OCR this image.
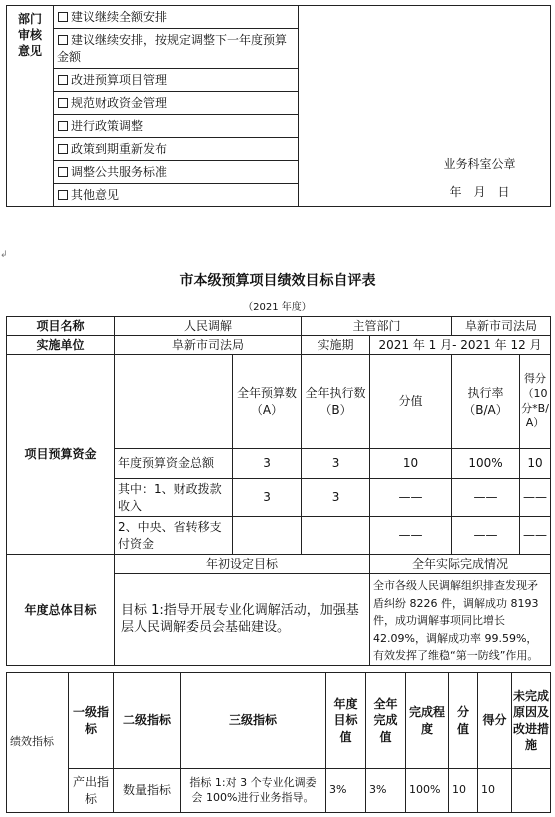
部门审核意见	建议继续全额安排	
业务科室公章
年　月　日

建议继续安排，按规定调整下一年度预算金额
改进预算项目管理
规范财政资金管理
进行政策调整
政策到期重新发布
调整公共服务标准
其他意见
↲
市本级预算项目绩效目标自评表
（2021 年度）
项目名称	人民调解		主管部门		阜新市司法局	
实施单位	阜新市司法局		实施期	2021 年 1 月- 2021 年 12 月		
项目预算资金		全年预算数（A）	全年执行数（B）	分值	执行率（B/A）	得分（10分*B/A）
	年度预算资金总额	3	3	10	100%	10
	其中：1、财政拨款收入	3	3	——	——	——
	2、中央、省转移支付资金			——	——	——
年度总体目标	年初设定目标			全年实际完成情况		
	目标 1:指导开展专业化调解活动，加强基层人民调解委员会基础建设。			全市各级人民调解组织排查发现矛盾纠纷 8226 件，调解成功 8193 件，成功调解事项同比增长 42.09%，调解成功率 99.59%，有效发挥了维稳“第一防线”作用。		
绩效指标	一级指标	二级指标	三级指标	年度目标值	全年完成值	完成程度	分值	得分	未完成原因及改进措施
	产出指标	数量指标	指标 1:对 3 个专业化调委会 100%进行业务指导。	3%	3%	100%	10	10	
